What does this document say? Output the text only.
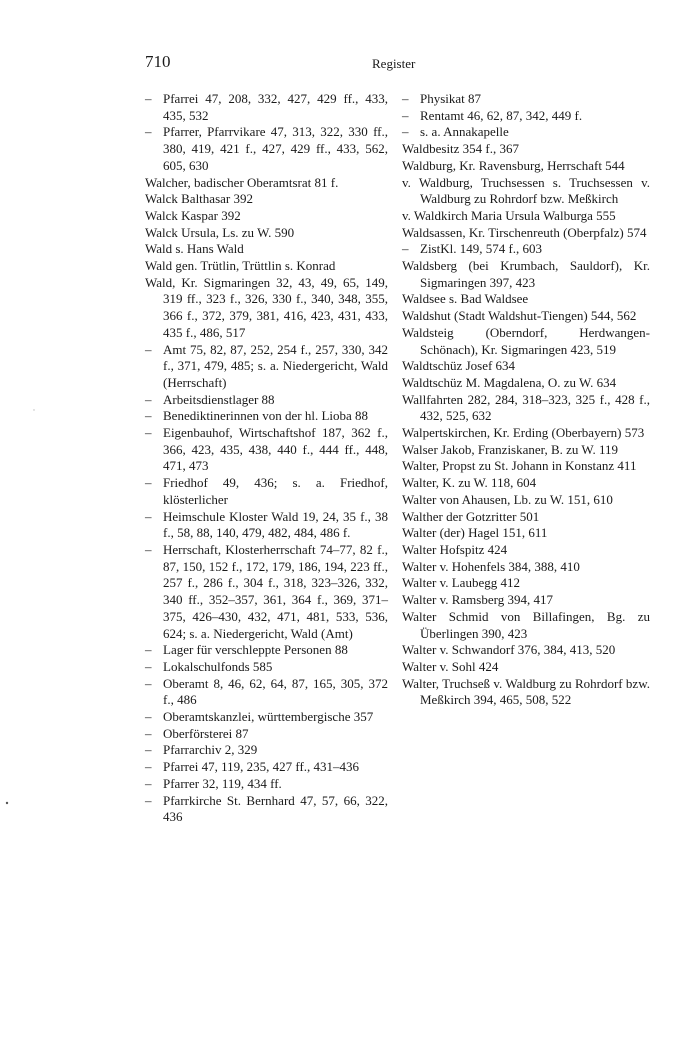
710	Register
– Pfarrei 47, 208, 332, 427, 429 ff., 433, 435, 532
– Pfarrer, Pfarrvikare 47, 313, 322, 330 ff., 380, 419, 421 f., 427, 429 ff., 433, 562, 605, 630
Walcher, badischer Oberamtsrat 81 f.
Walck Balthasar 392
Walck Kaspar 392
Walck Ursula, Ls. zu W. 590
Wald s. Hans Wald
Wald gen. Trütlin, Trüttlin s. Konrad
Wald, Kr. Sigmaringen 32, 43, 49, 65, 149, 319 ff., 323 f., 326, 330 f., 340, 348, 355, 366 f., 372, 379, 381, 416, 423, 431, 433, 435 f., 486, 517
– Amt 75, 82, 87, 252, 254 f., 257, 330, 342 f., 371, 479, 485; s. a. Niedergericht, Wald (Herrschaft)
– Arbeitsdienstlager 88
– Benediktinerinnen von der hl. Lioba 88
– Eigenbauhof, Wirtschaftshof 187, 362 f., 366, 423, 435, 438, 440 f., 444 ff., 448, 471, 473
– Friedhof 49, 436; s. a. Friedhof, klösterlicher
– Heimschule Kloster Wald 19, 24, 35 f., 38 f., 58, 88, 140, 479, 482, 484, 486 f.
– Herrschaft, Klosterherrschaft 74–77, 82 f., 87, 150, 152 f., 172, 179, 186, 194, 223 ff., 257 f., 286 f., 304 f., 318, 323–326, 332, 340 ff., 352–357, 361, 364 f., 369, 371–375, 426–430, 432, 471, 481, 533, 536, 624; s. a. Niedergericht, Wald (Amt)
– Lager für verschleppte Personen 88
– Lokalschulfonds 585
– Oberamt 8, 46, 62, 64, 87, 165, 305, 372 f., 486
– Oberamtskanzlei, württembergische 357
– Oberförsterei 87
– Pfarrarchiv 2, 329
– Pfarrei 47, 119, 235, 427 ff., 431–436
– Pfarrer 32, 119, 434 ff.
– Pfarrkirche St. Bernhard 47, 57, 66, 322, 436
– Physikat 87
– Rentamt 46, 62, 87, 342, 449 f.
– s. a. Annakapelle
Waldbesitz 354 f., 367
Waldburg, Kr. Ravensburg, Herrschaft 544
v. Waldburg, Truchsessen s. Truchsessen v. Waldburg zu Rohrdorf bzw. Meßkirch
v. Waldkirch Maria Ursula Walburga 555
Waldsassen, Kr. Tirschenreuth (Oberpfalz) 574
– ZistKl. 149, 574 f., 603
Waldsberg (bei Krumbach, Sauldorf), Kr. Sigmaringen 397, 423
Waldsee s. Bad Waldsee
Waldshut (Stadt Waldshut-Tiengen) 544, 562
Waldsteig (Oberndorf, Herdwangen-Schönach), Kr. Sigmaringen 423, 519
Waldtschüz Josef 634
Waldtschüz M. Magdalena, O. zu W. 634
Wallfahrten 282, 284, 318–323, 325 f., 428 f., 432, 525, 632
Walpertskirchen, Kr. Erding (Oberbayern) 573
Walser Jakob, Franziskaner, B. zu W. 119
Walter, Propst zu St. Johann in Konstanz 411
Walter, K. zu W. 118, 604
Walter von Ahausen, Lb. zu W. 151, 610
Walther der Gotzritter 501
Walter (der) Hagel 151, 611
Walter Hofspitz 424
Walter v. Hohenfels 384, 388, 410
Walter v. Laubegg 412
Walter v. Ramsberg 394, 417
Walter Schmid von Billafingen, Bg. zu Überlingen 390, 423
Walter v. Schwandorf 376, 384, 413, 520
Walter v. Sohl 424
Walter, Truchseß v. Waldburg zu Rohrdorf bzw. Meßkirch 394, 465, 508, 522
